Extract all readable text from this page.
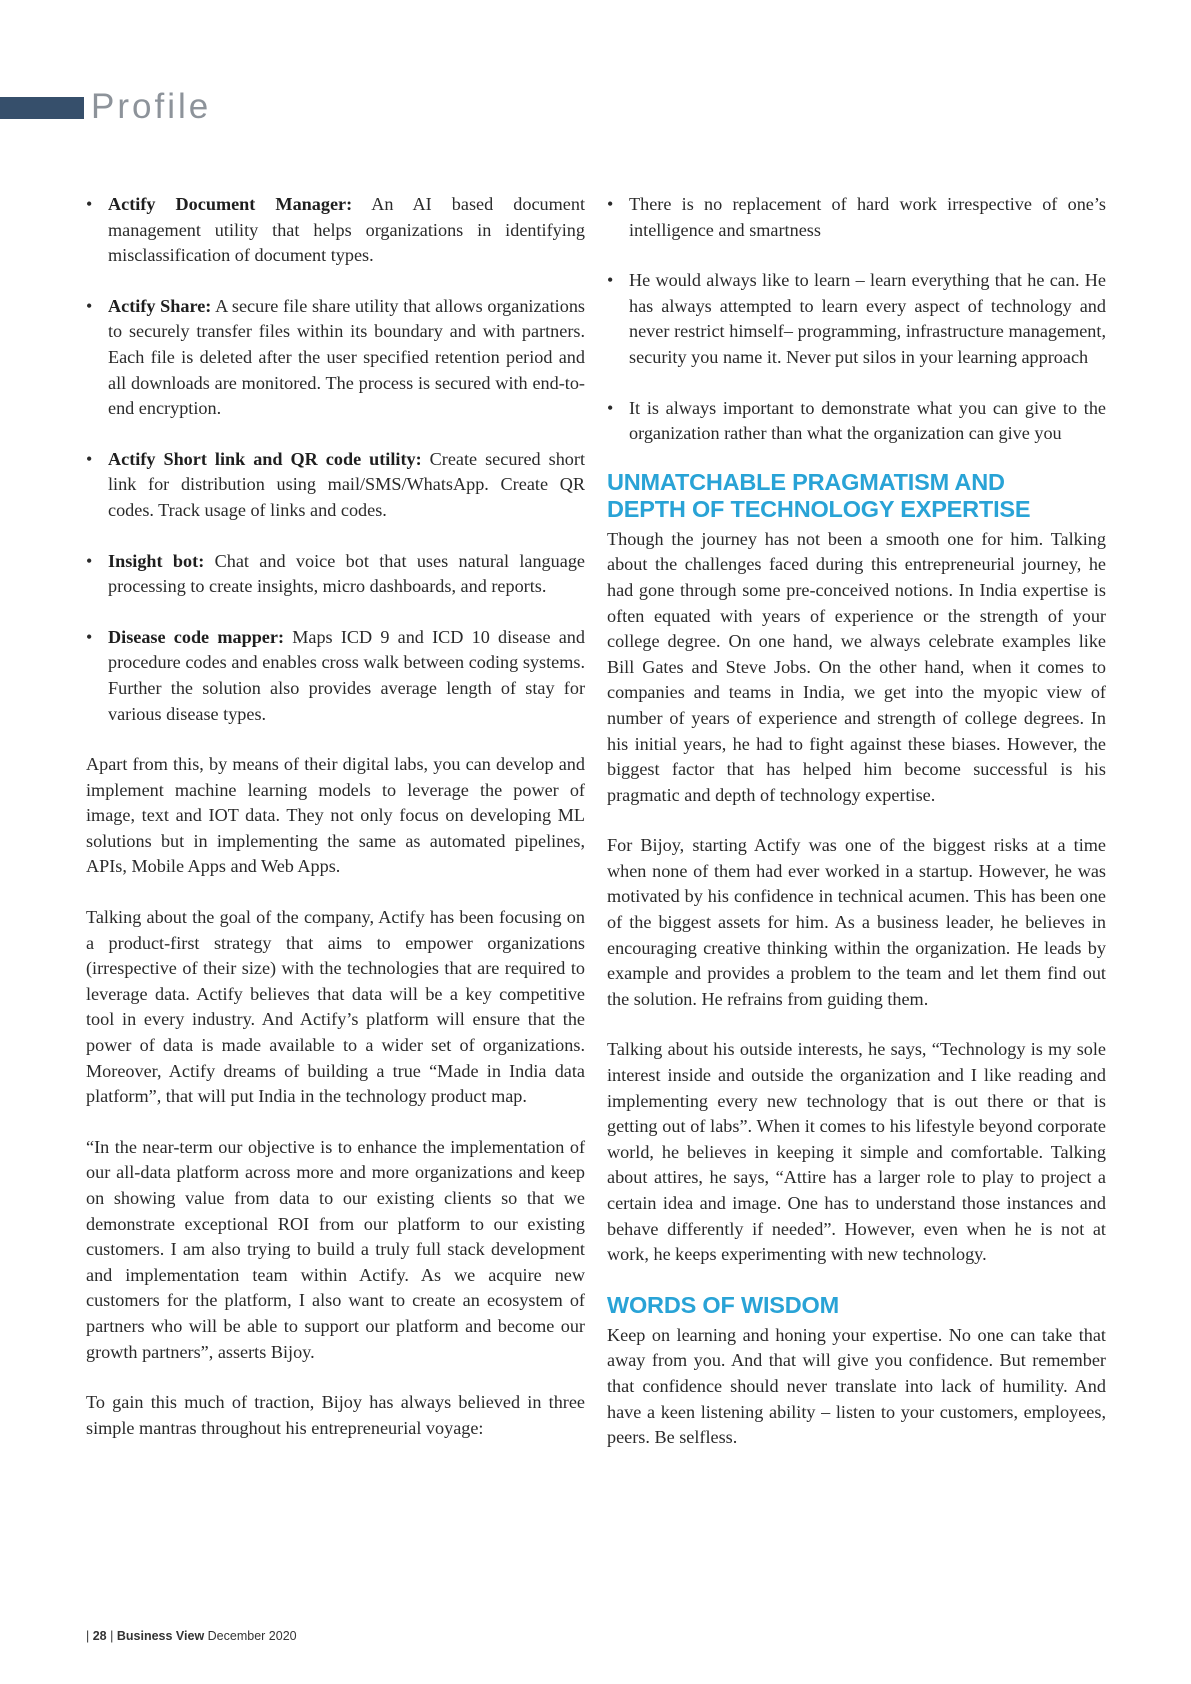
Profile
• Actify Document Manager: An AI based document management utility that helps organizations in identifying misclassification of document types.
• Actify Share: A secure file share utility that allows organizations to securely transfer files within its boundary and with partners. Each file is deleted after the user specified retention period and all downloads are monitored. The process is secured with end-to-end encryption.
• Actify Short link and QR code utility: Create secured short link for distribution using mail/SMS/WhatsApp. Create QR codes. Track usage of links and codes.
• Insight bot: Chat and voice bot that uses natural language processing to create insights, micro dashboards, and reports.
• Disease code mapper: Maps ICD 9 and ICD 10 disease and procedure codes and enables cross walk between coding systems. Further the solution also provides average length of stay for various disease types.

Apart from this, by means of their digital labs, you can develop and implement machine learning models to leverage the power of image, text and IOT data. They not only focus on developing ML solutions but in implementing the same as automated pipelines, APIs, Mobile Apps and Web Apps.

Talking about the goal of the company, Actify has been focusing on a product-first strategy that aims to empower organizations (irrespective of their size) with the technologies that are required to leverage data. Actify believes that data will be a key competitive tool in every industry. And Actify’s platform will ensure that the power of data is made available to a wider set of organizations. Moreover, Actify dreams of building a true “Made in India data platform”, that will put India in the technology product map.

“In the near-term our objective is to enhance the implementation of our all-data platform across more and more organizations and keep on showing value from data to our existing clients so that we demonstrate exceptional ROI from our platform to our existing customers. I am also trying to build a truly full stack development and implementation team within Actify. As we acquire new customers for the platform, I also want to create an ecosystem of partners who will be able to support our platform and become our growth partners”, asserts Bijoy.

To gain this much of traction, Bijoy has always believed in three simple mantras throughout his entrepreneurial voyage:

• There is no replacement of hard work irrespective of one’s intelligence and smartness
• He would always like to learn – learn everything that he can. He has always attempted to learn every aspect of technology and never restrict himself– programming, infrastructure management, security you name it. Never put silos in your learning approach
• It is always important to demonstrate what you can give to the organization rather than what the organization can give you
UNMATCHABLE PRAGMATISM AND
DEPTH OF TECHNOLOGY EXPERTISE

Though the journey has not been a smooth one for him. Talking about the challenges faced during this entrepreneurial journey, he had gone through some pre-conceived notions. In India expertise is often equated with years of experience or the strength of your college degree. On one hand, we always celebrate examples like Bill Gates and Steve Jobs. On the other hand, when it comes to companies and teams in India, we get into the myopic view of number of years of experience and strength of college degrees. In his initial years, he had to fight against these biases. However, the biggest factor that has helped him become successful is his pragmatic and depth of technology expertise.

For Bijoy, starting Actify was one of the biggest risks at a time when none of them had ever worked in a startup. However, he was motivated by his confidence in technical acumen. This has been one of the biggest assets for him. As a business leader, he believes in encouraging creative thinking within the organization. He leads by example and provides a problem to the team and let them find out the solution. He refrains from guiding them.

Talking about his outside interests, he says, “Technology is my sole interest inside and outside the organization and I like reading and implementing every new technology that is out there or that is getting out of labs”. When it comes to his lifestyle beyond corporate world, he believes in keeping it simple and comfortable. Talking about attires, he says, “Attire has a larger role to play to project a certain idea and image. One has to understand those instances and behave differently if needed”. However, even when he is not at work, he keeps experimenting with new technology.

WORDS OF WISDOM

Keep on learning and honing your expertise. No one can take that away from you. And that will give you confidence. But remember that confidence should never translate into lack of humility. And have a keen listening ability – listen to your customers, employees, peers. Be selfless.

| 28 | Business View December 2020
